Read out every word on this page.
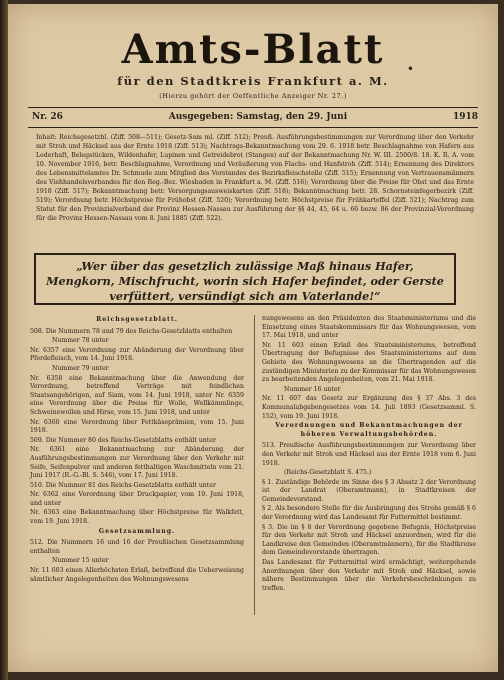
Amts-Blatt
für den Stadtkreis Frankfurt a. M.
(Hierzu gehört der Oeffentliche Anzeiger Nr. 27.)
•
Nr. 26	Ausgegeben: Samstag, den 29. Juni	1918
Inhalt: Reichsgesetzbl. (Ziff. 508—511); Gesetz-Sam ml. (Ziff. 512); Preuß. Ausführungsbestimmungen zur Verordnung über den Verkehr mit Stroh und Häcksel aus der Ernte 1918 (Ziff. 513); Nachtrags-Bekanntmachung vom 29. 6. 1918 betr. Beschlagnahme von Hafern aus Lederhaft, Belegstücken, Wildenhafer, Lupinen und Getreidebrot (Stangen) auf der Bekanntmachung Nr. W. III. 2500/8. 18. K. R. A. vom 10. November 1916, betr. Beschlagnahme, Verordnung und Veräußerung von Flachs- und Hanfstroh (Ziff. 514); Ernennung des Direktors des Lebensmittelamtes Dr. Schmude zum Mitglied des Vorstandes des Bezirksfleischstelle (Ziff. 515); Ernennung von Vertrauensmännern des Viehhandelsverbandes für den Reg.-Bez. Wiesbaden in Frankfurt a. M. (Ziff. 516); Verordnung über die Preise für Obst und das Ernte 1918 (Ziff. 517); Bekanntmachung betr. Versorgungsausweiskarten (Ziff. 518); Bekanntmachung betr. 28. Schornsteinfegerbezirk (Ziff. 519); Verordnung betr. Höchstpreise für Frühobst (Ziff. 520); Verordnung betr. Höchstpreise für Frühkartoffel (Ziff. 521); Nachtrag zum Statut für den Provinzialverband der Provinz Hessen-Nassau zur Ausführung der §§ 44, 45, 64 u. 66 bezw. 86 der Provinzial-Verordnung für die Provinz Hessen-Nassau vom 8. Juni 1885 (Ziff. 522).
„Wer über das gesetzlich zulässige Maß hinaus Hafer, Mengkorn, Mischfrucht, worin sich Hafer befindet, oder Gerste verfüttert, versündigt sich am Vaterlande!“
Reichsgesetzblatt.

508. Die Nummern 78 und 79 des Reichs-Gesetzblatts enthalten

Nummer 78 unter

Nr. 6357 eine Verordnung zur Abänderung der Verordnung über Pferdefleisch, vom 14. Juni 1918.

Nummer 79 unter

Nr. 6358 eine Bekanntmachung über die Anwendung der Verordnung, betreffend Verträge mit feindlichen Staatsangehörigen, auf Siam, vom 14. Juni 1918, unter Nr. 6359 eine Verordnung über die Preise für Wolle, Wollkämmlinge, Schweinewollen und Hirse, vom 15. Juni 1918, und unter

Nr. 6360 eine Verordnung über Fettkäseprämien, vom 15. Juni 1918.

509. Die Nummer 80 des Reichs-Gesetzblatts enthält unter

Nr. 6361 eine Bekanntmachung zur Abänderung der Ausführungsbestimmungen zur Verordnung über den Verkehr mit Seife, Seifenpulver und anderen fetthaltigen Waschmitteln vom 21. Juni 1917 (R.-G.-Bl. S. 546), vom 17. Juni 1918.

510. Die Nummer 81 des Reichs-Gesetzblatts enthält unter

Nr. 6362 eine Verordnung über Druckpapier, vom 19. Juni 1918, und unter

Nr. 6363 eine Bekanntmachung über Höchstpreise für Walkfett, vom 19. Juni 1918.

Gesetzsammlung.

512. Die Nummern 16 und 16 der Preußischen Gesetzsammlung enthalten

Nummer 15 unter

Nr. 11 603 einen Allerhöchsten Erlaß, betreffend die Ueberweisung sämtlicher Angelegenheiten des Wohnungswesens

nungswesens an den Präsidenten des Staatsministeriums und die Einsetzung eines Staatskommissars für das Wohnungswesen, vom 17. Mai 1918, und unter

Nr. 11 603 einen Erlaß des Staatsministeriums, betreffend Übertragung der Befugnisse des Staatsministeriums auf dem Gebiete des Wohnungswesens an die Übertragenden auf die zuständigen Ministerien zu der Kommissar für das Wohnungswesen zu bearbeitenden Angelegenheiten, vom 21. Mai 1918.

Nummer 16 unter

Nr. 11 607 das Gesetz zur Ergänzung des § 37 Abs. 3 des Kommunalabgabengesetzes vom 14. Juli 1893 (Gesetzsamml. S. 152), vom 19. Juni 1918.

Verordnungen und Bekanntmachungen der höheren Verwaltungsbehörden.

513. Preußische Ausführungsbestimmungen zur Verordnung über den Verkehr mit Stroh und Häcksel aus der Ernte 1918 vom 6. Juni 1918.

(Reichs-Gesetzblatt S. 475.)

§ 1. Zuständige Behörde im Sinne des § 3 Absatz 2 der Verordnung ist der Landrat (Oberamtmann), in Stadtkreisen der Gemeindevorstand.

§ 2. Als besondere Stelle für die Ausbringung des Strohs gemäß § 6 der Verordnung wird das Landesamt für Futtermittel bestimmt.

§ 3. Die im § 8 der Verordnung gegebene Befugnis, Höchstpreise für den Verkehr mit Stroh und Häcksel anzuordnen, wird für die Landkreise den Gemeinden (Oberamtmännern), für die Stadtkreise dem Gemeindevorstande übertragen.

Das Landesamt für Futtermittel wird ermächtigt, weitergehende Anordnungen über den Verkehr mit Stroh und Häcksel, sowie nähere Bestimmungen über die Verkehrsbeschränkungen zu treffen.
